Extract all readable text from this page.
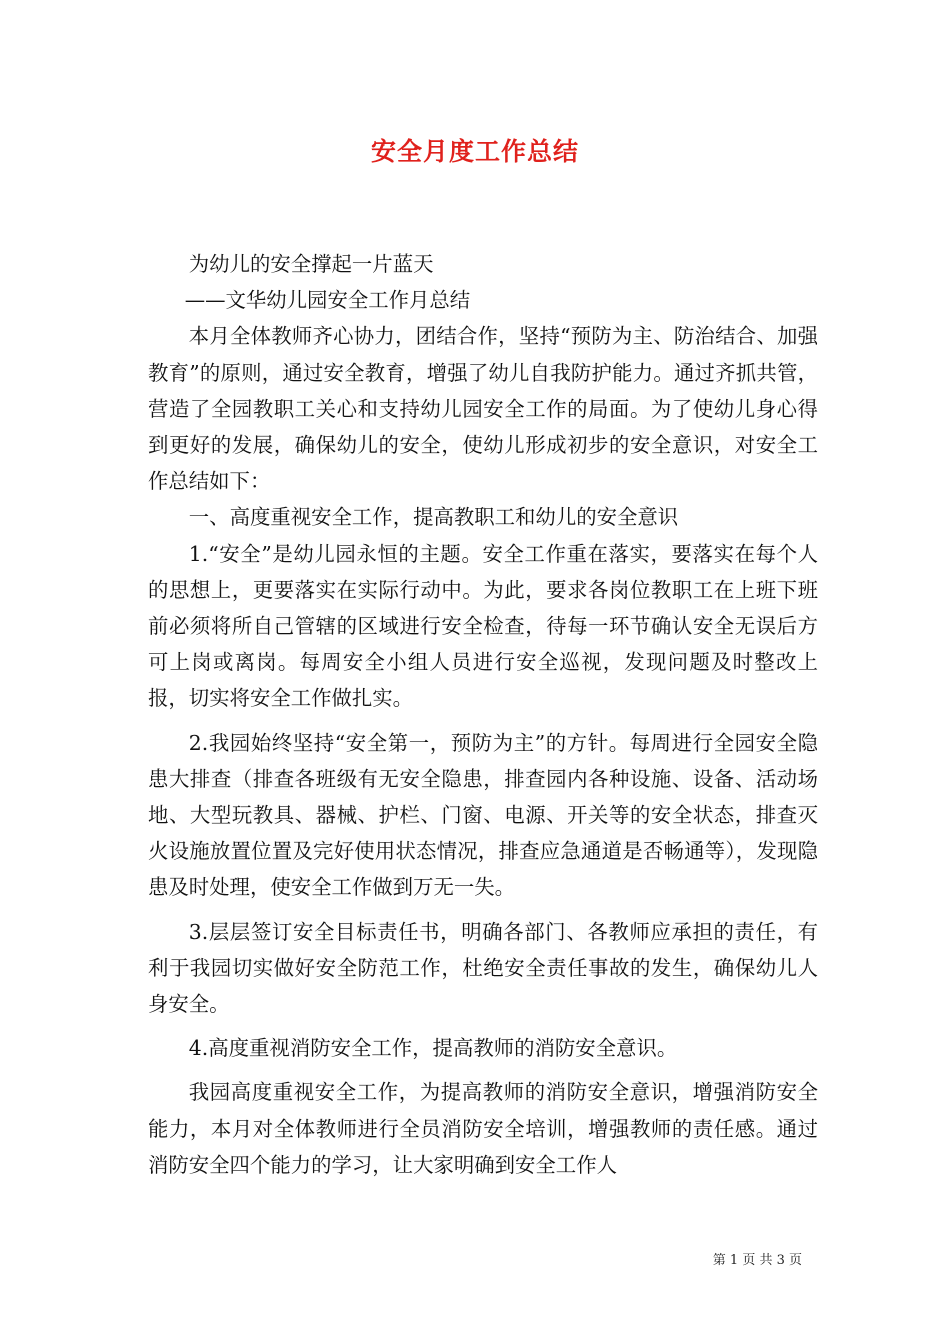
安全月度工作总结

为幼儿的安全撑起一片蓝天

——文华幼儿园安全工作月总结

本月全体教师齐心协力，团结合作，坚持“预防为主、防治结合、加强教育”的原则，通过安全教育，增强了幼儿自我防护能力。通过齐抓共管，营造了全园教职工关心和支持幼儿园安全工作的局面。为了使幼儿身心得到更好的发展，确保幼儿的安全，使幼儿形成初步的安全意识，对安全工作总结如下：

一、高度重视安全工作，提高教职工和幼儿的安全意识

1.“安全”是幼儿园永恒的主题。安全工作重在落实，要落实在每个人的思想上，更要落实在实际行动中。为此，要求各岗位教职工在上班下班前必须将所自己管辖的区域进行安全检查，待每一环节确认安全无误后方可上岗或离岗。每周安全小组人员进行安全巡视，发现问题及时整改上报，切实将安全工作做扎实。

2.我园始终坚持“安全第一，预防为主”的方针。每周进行全园安全隐患大排查（排查各班级有无安全隐患，排查园内各种设施、设备、活动场地、大型玩教具、器械、护栏、门窗、电源、开关等的安全状态，排查灭火设施放置位置及完好使用状态情况，排查应急通道是否畅通等），发现隐患及时处理，使安全工作做到万无一失。

3.层层签订安全目标责任书，明确各部门、各教师应承担的责任，有利于我园切实做好安全防范工作，杜绝安全责任事故的发生，确保幼儿人身安全。

4.高度重视消防安全工作，提高教师的消防安全意识。

我园高度重视安全工作，为提高教师的消防安全意识，增强消防安全能力，本月对全体教师进行全员消防安全培训，增强教师的责任感。通过消防安全四个能力的学习，让大家明确到安全工作人

第 1 页 共 3 页
